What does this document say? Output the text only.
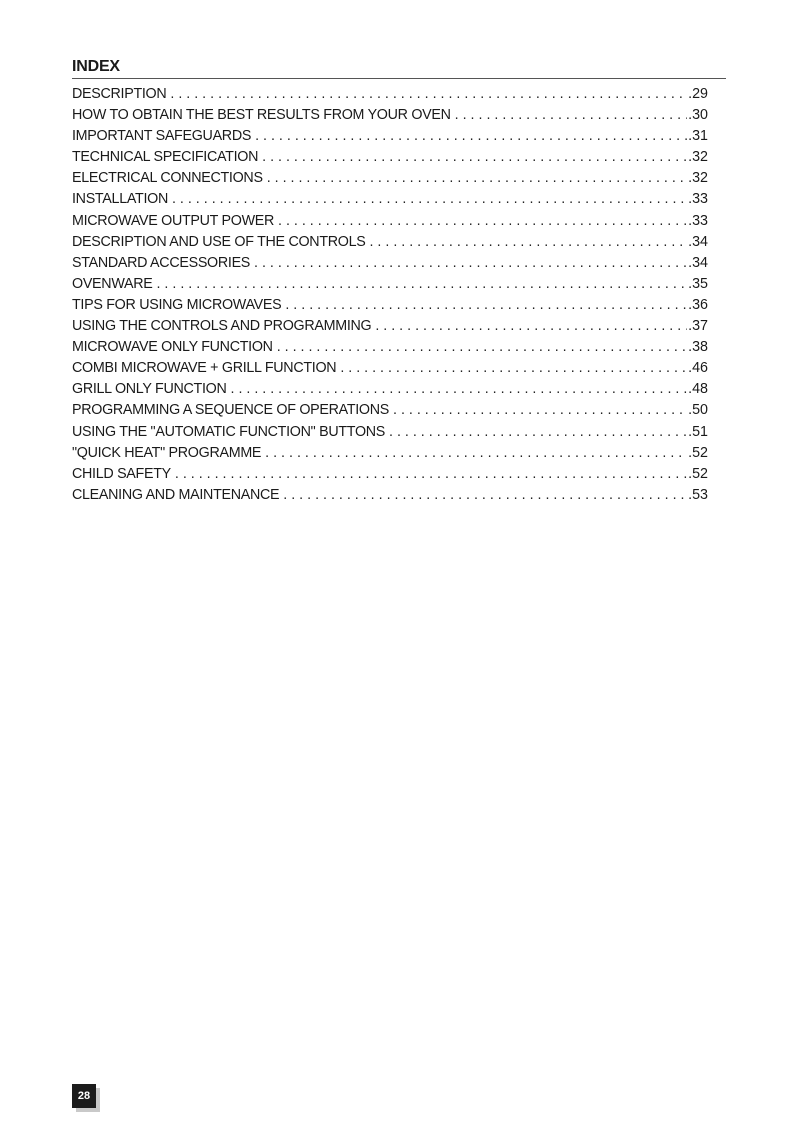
INDEX
DESCRIPTION . . .	.29
HOW TO OBTAIN THE BEST RESULTS FROM YOUR OVEN . . .	.30
IMPORTANT SAFEGUARDS . . .	.31
TECHNICAL SPECIFICATION . . .	.32
ELECTRICAL CONNECTIONS . . .	.32
INSTALLATION . . .	.33
MICROWAVE OUTPUT POWER . . .	.33
DESCRIPTION AND USE OF THE CONTROLS . . .	.34
STANDARD ACCESSORIES . . .	.34
OVENWARE . . .	.35
TIPS FOR USING MICROWAVES . . .	.36
USING THE CONTROLS AND PROGRAMMING . . .	.37
MICROWAVE ONLY FUNCTION . . .	.38
COMBI MICROWAVE + GRILL FUNCTION . . .	.46
GRILL ONLY FUNCTION . . .	.48
PROGRAMMING A SEQUENCE OF OPERATIONS . . .	.50
USING THE "AUTOMATIC FUNCTION" BUTTONS . . .	.51
"QUICK HEAT" PROGRAMME . . .	.52
CHILD SAFETY . . .	.52
CLEANING AND MAINTENANCE . . .	.53
28
